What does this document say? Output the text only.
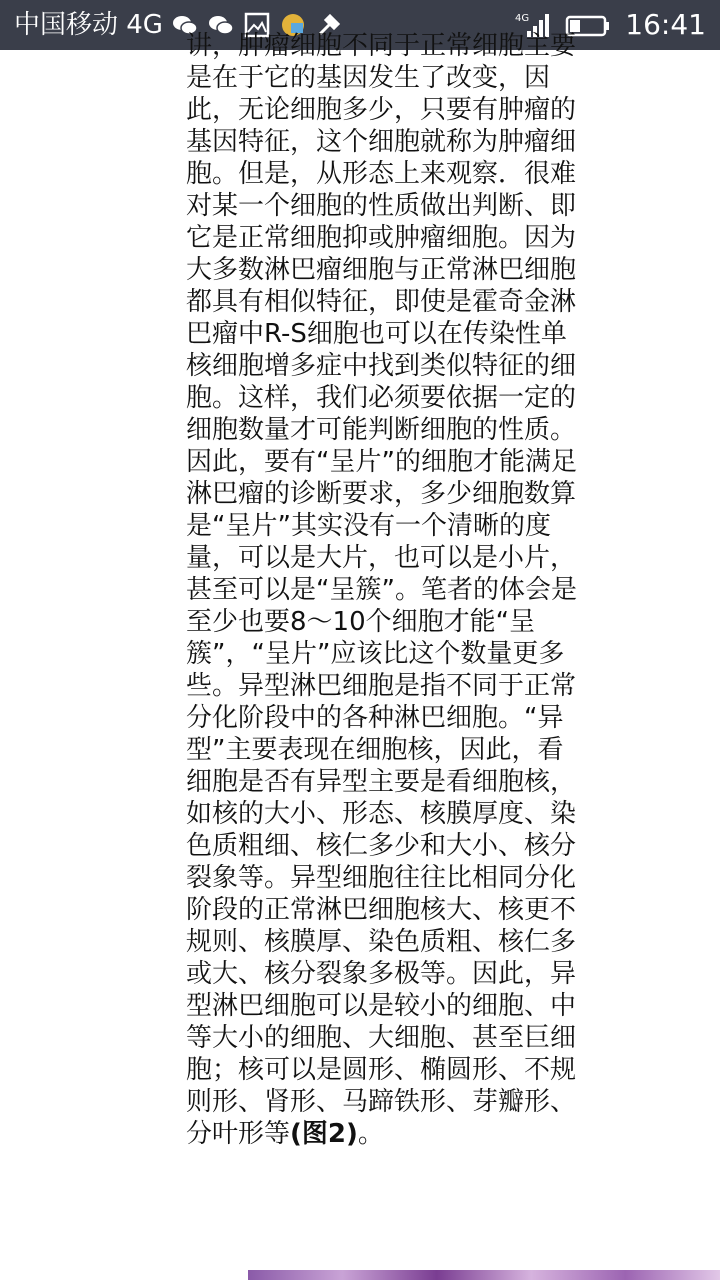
中国移动 4G	4G	16:41
讲，肿瘤细胞不同于正常细胞主要是在于它的基因发生了改变，因此，无论细胞多少，只要有肿瘤的基因特征，这个细胞就称为肿瘤细胞。但是，从形态上来观察．很难对某一个细胞的性质做出判断、即它是正常细胞抑或肿瘤细胞。因为大多数淋巴瘤细胞与正常淋巴细胞都具有相似特征，即使是霍奇金淋巴瘤中R-S细胞也可以在传染性单核细胞增多症中找到类似特征的细胞。这样，我们必须要依据一定的细胞数量才可能判断细胞的性质。因此，要有“呈片”的细胞才能满足淋巴瘤的诊断要求，多少细胞数算是“呈片”其实没有一个清晰的度量，可以是大片，也可以是小片，甚至可以是“呈簇”。笔者的体会是至少也要8～10个细胞才能“呈簇”，“呈片”应该比这个数量更多些。异型淋巴细胞是指不同于正常分化阶段中的各种淋巴细胞。“异型”主要表现在细胞核，因此，看细胞是否有异型主要是看细胞核，如核的大小、形态、核膜厚度、染色质粗细、核仁多少和大小、核分裂象等。异型细胞往往比相同分化阶段的正常淋巴细胞核大、核更不规则、核膜厚、染色质粗、核仁多或大、核分裂象多极等。因此，异型淋巴细胞可以是较小的细胞、中等大小的细胞、大细胞、甚至巨细胞；核可以是圆形、椭圆形、不规则形、肾形、马蹄铁形、芽瓣形、分叶形等(图2)。
